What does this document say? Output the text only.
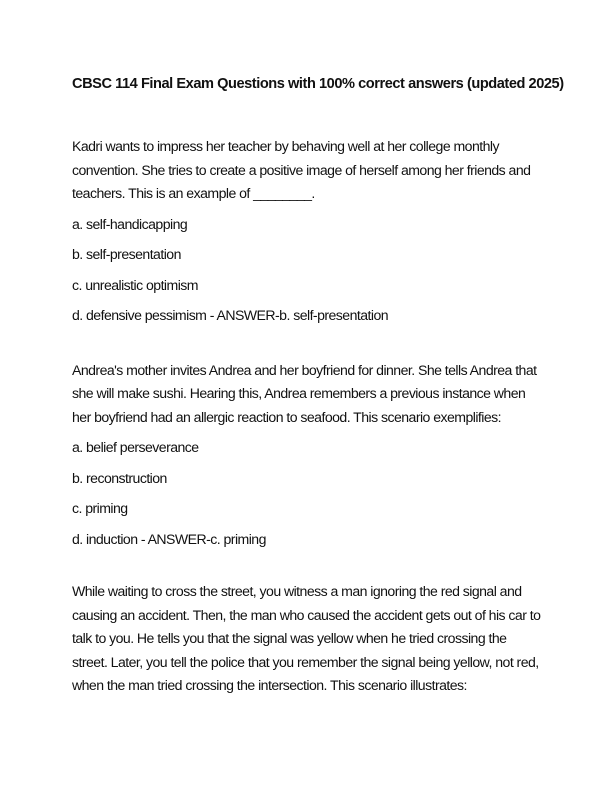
CBSC 114 Final Exam Questions with 100% correct answers (updated 2025)

Kadri wants to impress her teacher by behaving well at her college monthly convention. She tries to create a positive image of herself among her friends and teachers. This is an example of ________.

a. self-handicapping

b. self-presentation

c. unrealistic optimism

d. defensive pessimism - ANSWER-b. self-presentation

Andrea's mother invites Andrea and her boyfriend for dinner. She tells Andrea that she will make sushi. Hearing this, Andrea remembers a previous instance when her boyfriend had an allergic reaction to seafood. This scenario exemplifies:

a. belief perseverance

b. reconstruction

c. priming

d. induction - ANSWER-c. priming

While waiting to cross the street, you witness a man ignoring the red signal and causing an accident. Then, the man who caused the accident gets out of his car to talk to you. He tells you that the signal was yellow when he tried crossing the street. Later, you tell the police that you remember the signal being yellow, not red, when the man tried crossing the intersection. This scenario illustrates:
